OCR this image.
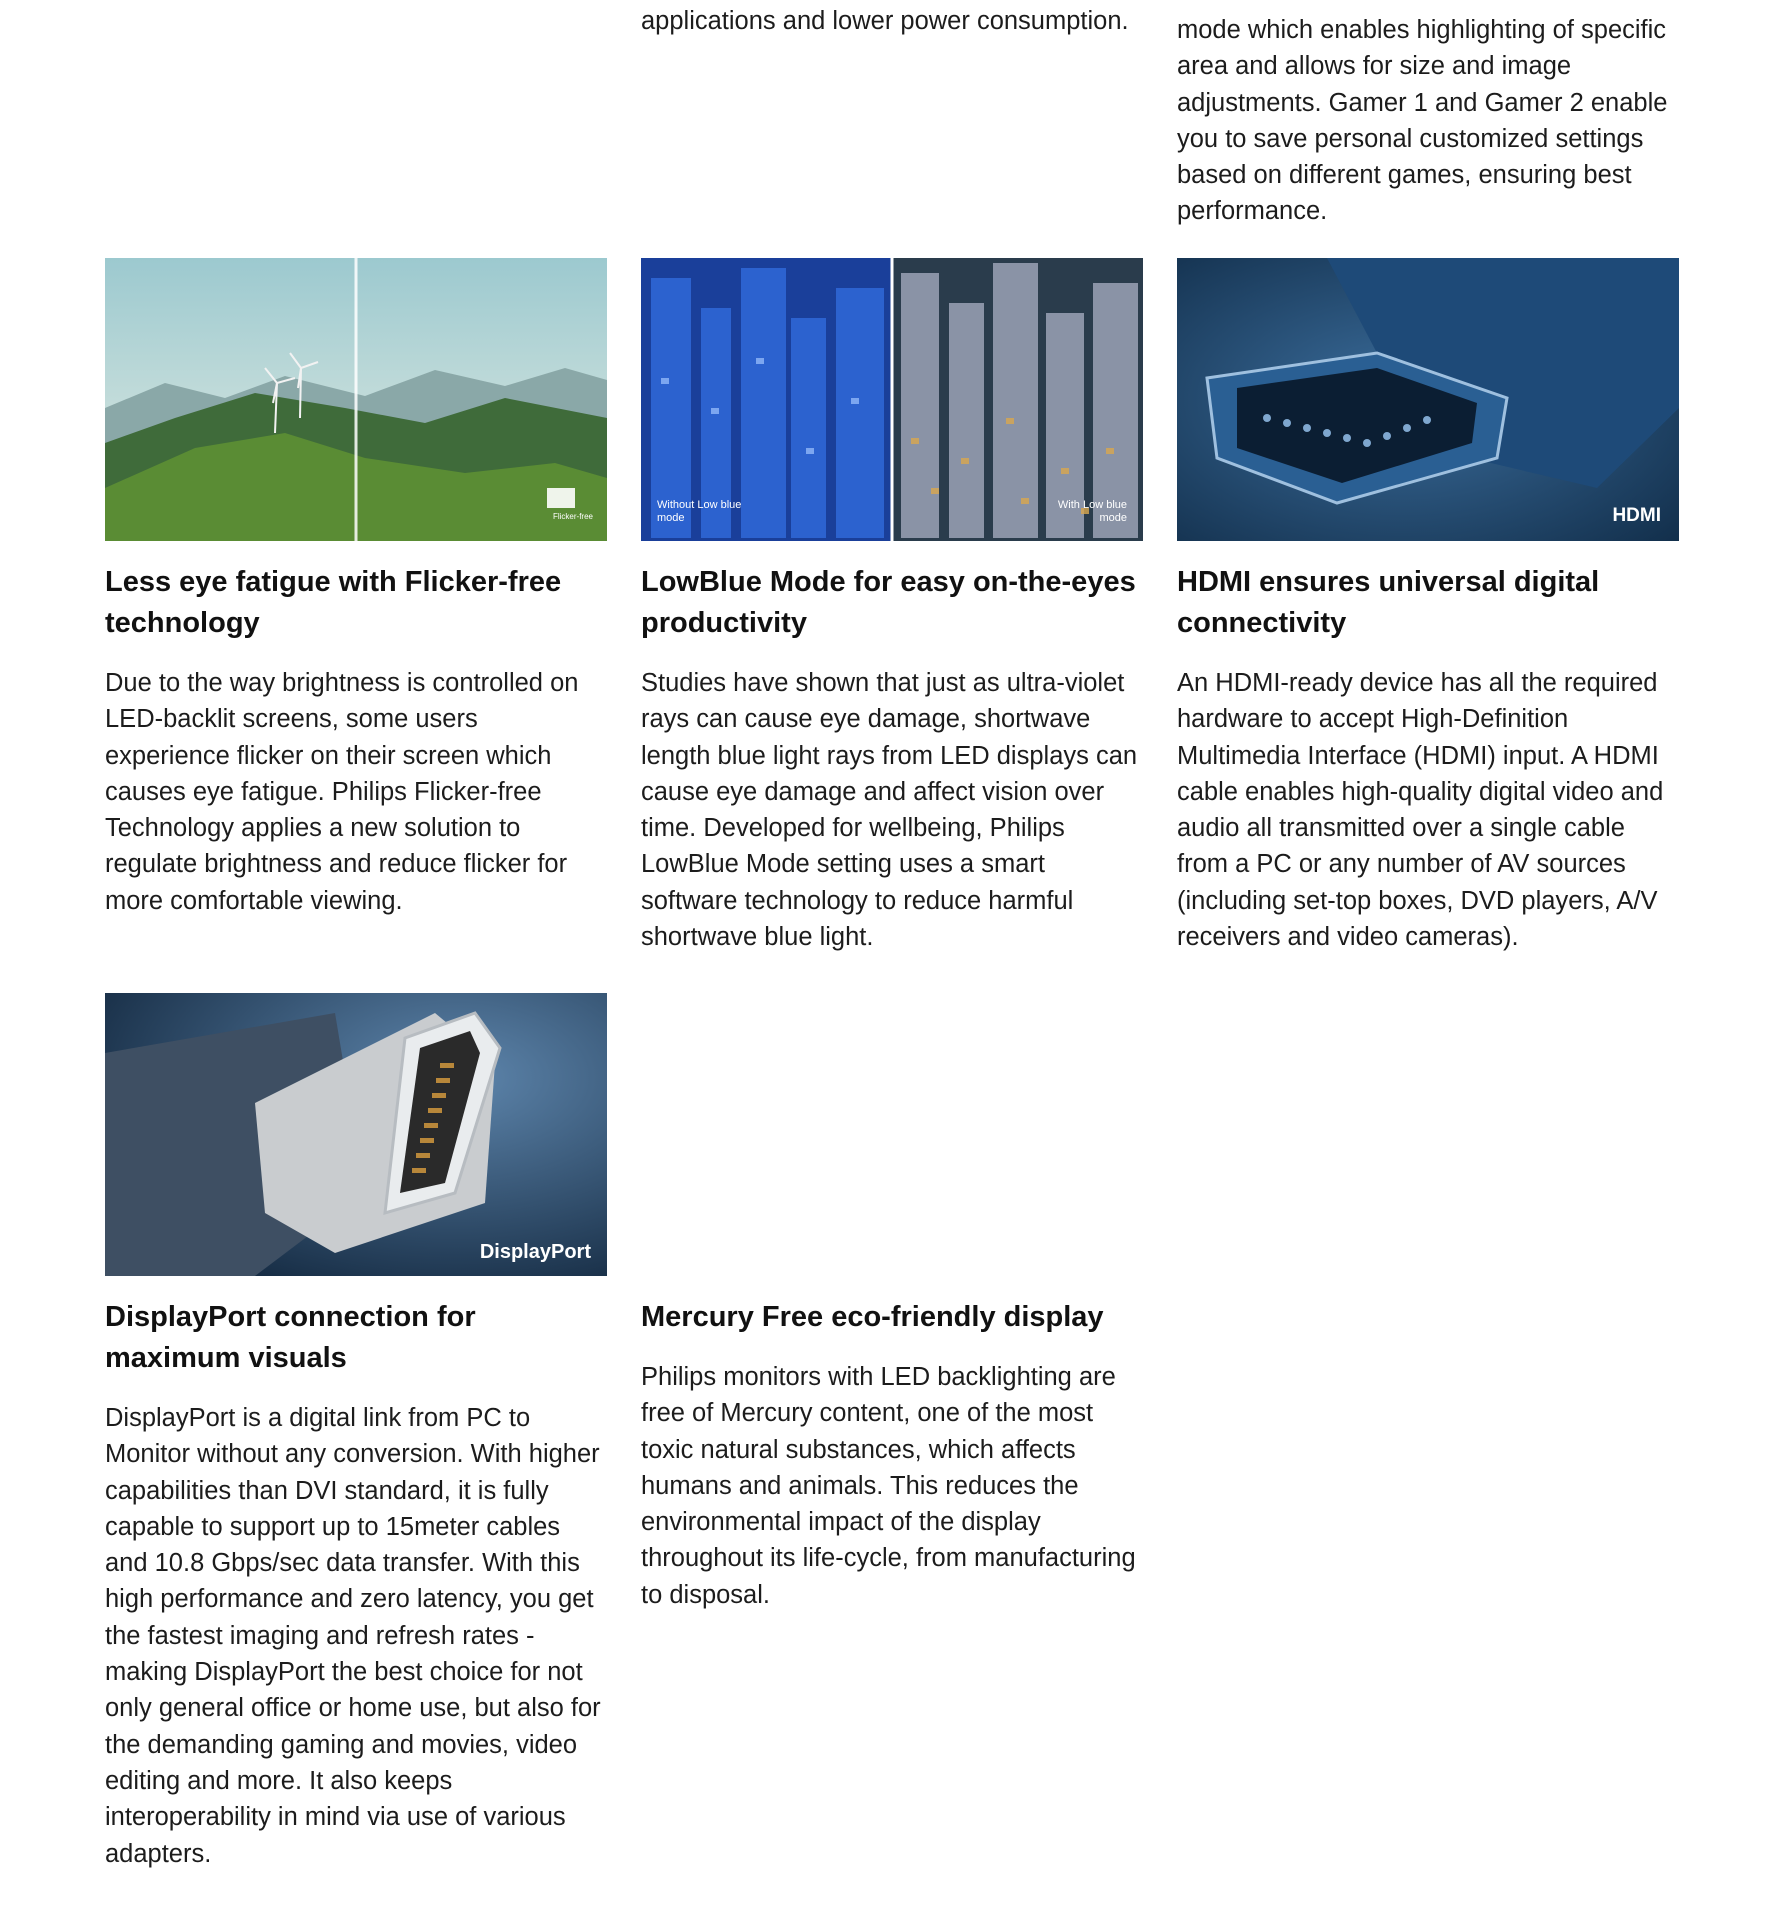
applications and lower power consumption.	mode which enables highlighting of specific area and allows for size and image adjustments. Gamer 1 and Gamer 2 enable you to save personal customized settings based on different games, ensuring best performance.

Flicker-free
Without Low blue mode
With Low blue mode	HDMI
Less eye fatigue with Flicker-free technology

Due to the way brightness is controlled on LED-backlit screens, some users experience flicker on their screen which causes eye fatigue. Philips Flicker-free Technology applies a new solution to regulate brightness and reduce flicker for more comfortable viewing.

LowBlue Mode for easy on-the-eyes productivity

Studies have shown that just as ultra-violet rays can cause eye damage, shortwave length blue light rays from LED displays can cause eye damage and affect vision over time. Developed for wellbeing, Philips LowBlue Mode setting uses a smart software technology to reduce harmful shortwave blue light.

HDMI ensures universal digital connectivity

An HDMI-ready device has all the required hardware to accept High-Definition Multimedia Interface (HDMI) input. A HDMI cable enables high-quality digital video and audio all transmitted over a single cable from a PC or any number of AV sources (including set-top boxes, DVD players, A/V receivers and video cameras).

DisplayPort
DisplayPort connection for maximum visuals

DisplayPort is a digital link from PC to Monitor without any conversion. With higher capabilities than DVI standard, it is fully capable to support up to 15meter cables and 10.8 Gbps/sec data transfer. With this high performance and zero latency, you get the fastest imaging and refresh rates - making DisplayPort the best choice for not only general office or home use, but also for the demanding gaming and movies, video editing and more. It also keeps interoperability in mind via use of various adapters.

Mercury Free eco-friendly display

Philips monitors with LED backlighting are free of Mercury content, one of the most toxic natural substances, which affects humans and animals. This reduces the environmental impact of the display throughout its life-cycle, from manufacturing to disposal.
